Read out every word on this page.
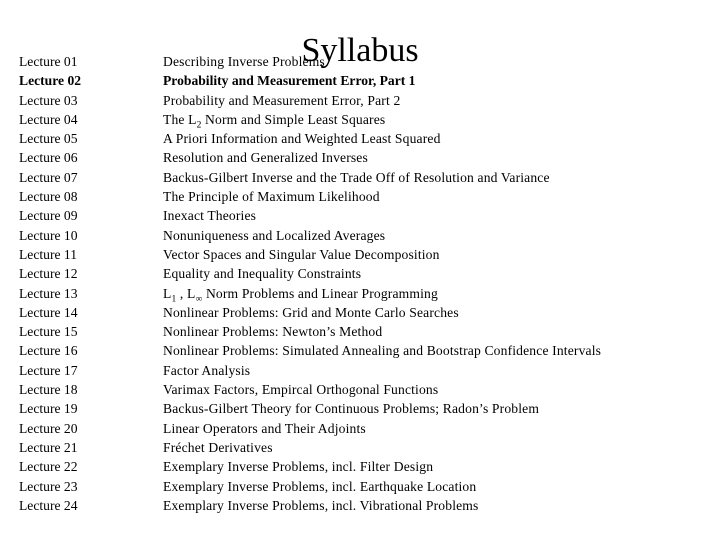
Syllabus
Lecture 01	Describing Inverse Problems
Lecture 02	Probability and Measurement Error, Part 1
Lecture 03	Probability and Measurement Error, Part 2
Lecture 04	The $L_2$ Norm and Simple Least Squares
Lecture 05	A Priori Information and Weighted Least Squared
Lecture 06	Resolution and Generalized Inverses
Lecture 07	Backus-Gilbert Inverse and the Trade Off of Resolution and Variance
Lecture 08	The Principle of Maximum Likelihood
Lecture 09	Inexact Theories
Lecture 10	Nonuniqueness and Localized Averages
Lecture 11	Vector Spaces and Singular Value Decomposition
Lecture 12	Equality and Inequality Constraints
Lecture 13	$L_1$ , $L_\infty$ Norm Problems and Linear Programming
Lecture 14	Nonlinear Problems: Grid and Monte Carlo Searches
Lecture 15	Nonlinear Problems: Newton’s Method
Lecture 16	Nonlinear Problems: Simulated Annealing and Bootstrap Confidence Intervals
Lecture 17	Factor Analysis
Lecture 18	Varimax Factors, Empircal Orthogonal Functions
Lecture 19	Backus-Gilbert Theory for Continuous Problems; Radon’s Problem
Lecture 20	Linear Operators and Their Adjoints
Lecture 21	Fréchet Derivatives
Lecture 22	Exemplary Inverse Problems, incl. Filter Design
Lecture 23	Exemplary Inverse Problems, incl. Earthquake Location
Lecture 24	Exemplary Inverse Problems, incl. Vibrational Problems
